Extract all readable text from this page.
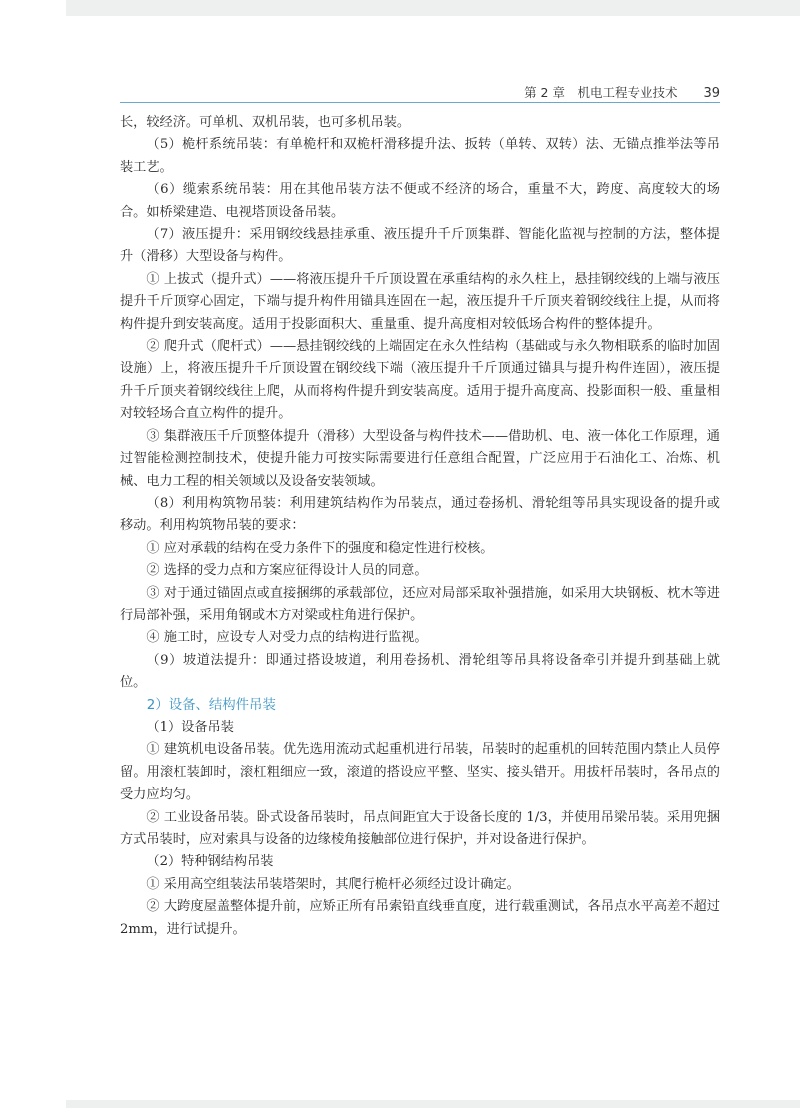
第 2 章　机电工程专业技术 39

长，较经济。可单机、双机吊装，也可多机吊装。

（5）桅杆系统吊装：有单桅杆和双桅杆滑移提升法、扳转（单转、双转）法、无锚点推举法等吊装工艺。

（6）缆索系统吊装：用在其他吊装方法不便或不经济的场合，重量不大，跨度、高度较大的场合。如桥梁建造、电视塔顶设备吊装。

（7）液压提升：采用钢绞线悬挂承重、液压提升千斤顶集群、智能化监视与控制的方法，整体提升（滑移）大型设备与构件。

① 上拔式（提升式）——将液压提升千斤顶设置在承重结构的永久柱上，悬挂钢绞线的上端与液压提升千斤顶穿心固定，下端与提升构件用锚具连固在一起，液压提升千斤顶夹着钢绞线往上提，从而将构件提升到安装高度。适用于投影面积大、重量重、提升高度相对较低场合构件的整体提升。

② 爬升式（爬杆式）——悬挂钢绞线的上端固定在永久性结构（基础或与永久物相联系的临时加固设施）上，将液压提升千斤顶设置在钢绞线下端（液压提升千斤顶通过锚具与提升构件连固），液压提升千斤顶夹着钢绞线往上爬，从而将构件提升到安装高度。适用于提升高度高、投影面积一般、重量相对较轻场合直立构件的提升。

③ 集群液压千斤顶整体提升（滑移）大型设备与构件技术——借助机、电、液一体化工作原理，通过智能检测控制技术，使提升能力可按实际需要进行任意组合配置，广泛应用于石油化工、冶炼、机械、电力工程的相关领域以及设备安装领域。

（8）利用构筑物吊装：利用建筑结构作为吊装点，通过卷扬机、滑轮组等吊具实现设备的提升或移动。利用构筑物吊装的要求：

① 应对承载的结构在受力条件下的强度和稳定性进行校核。

② 选择的受力点和方案应征得设计人员的同意。

③ 对于通过锚固点或直接捆绑的承载部位，还应对局部采取补强措施，如采用大块钢板、枕木等进行局部补强，采用角钢或木方对梁或柱角进行保护。

④ 施工时，应设专人对受力点的结构进行监视。

（9）坡道法提升：即通过搭设坡道，利用卷扬机、滑轮组等吊具将设备牵引并提升到基础上就位。

2）设备、结构件吊装

（1）设备吊装

① 建筑机电设备吊装。优先选用流动式起重机进行吊装，吊装时的起重机的回转范围内禁止人员停留。用滚杠装卸时，滚杠粗细应一致，滚道的搭设应平整、坚实、接头错开。用拔杆吊装时，各吊点的受力应均匀。

② 工业设备吊装。卧式设备吊装时，吊点间距宜大于设备长度的 1/3，并使用吊梁吊装。采用兜捆方式吊装时，应对索具与设备的边缘棱角接触部位进行保护，并对设备进行保护。

（2）特种钢结构吊装

① 采用高空组装法吊装塔架时，其爬行桅杆必须经过设计确定。

② 大跨度屋盖整体提升前，应矫正所有吊索铅直线垂直度，进行载重测试，各吊点水平高差不超过 2mm，进行试提升。
